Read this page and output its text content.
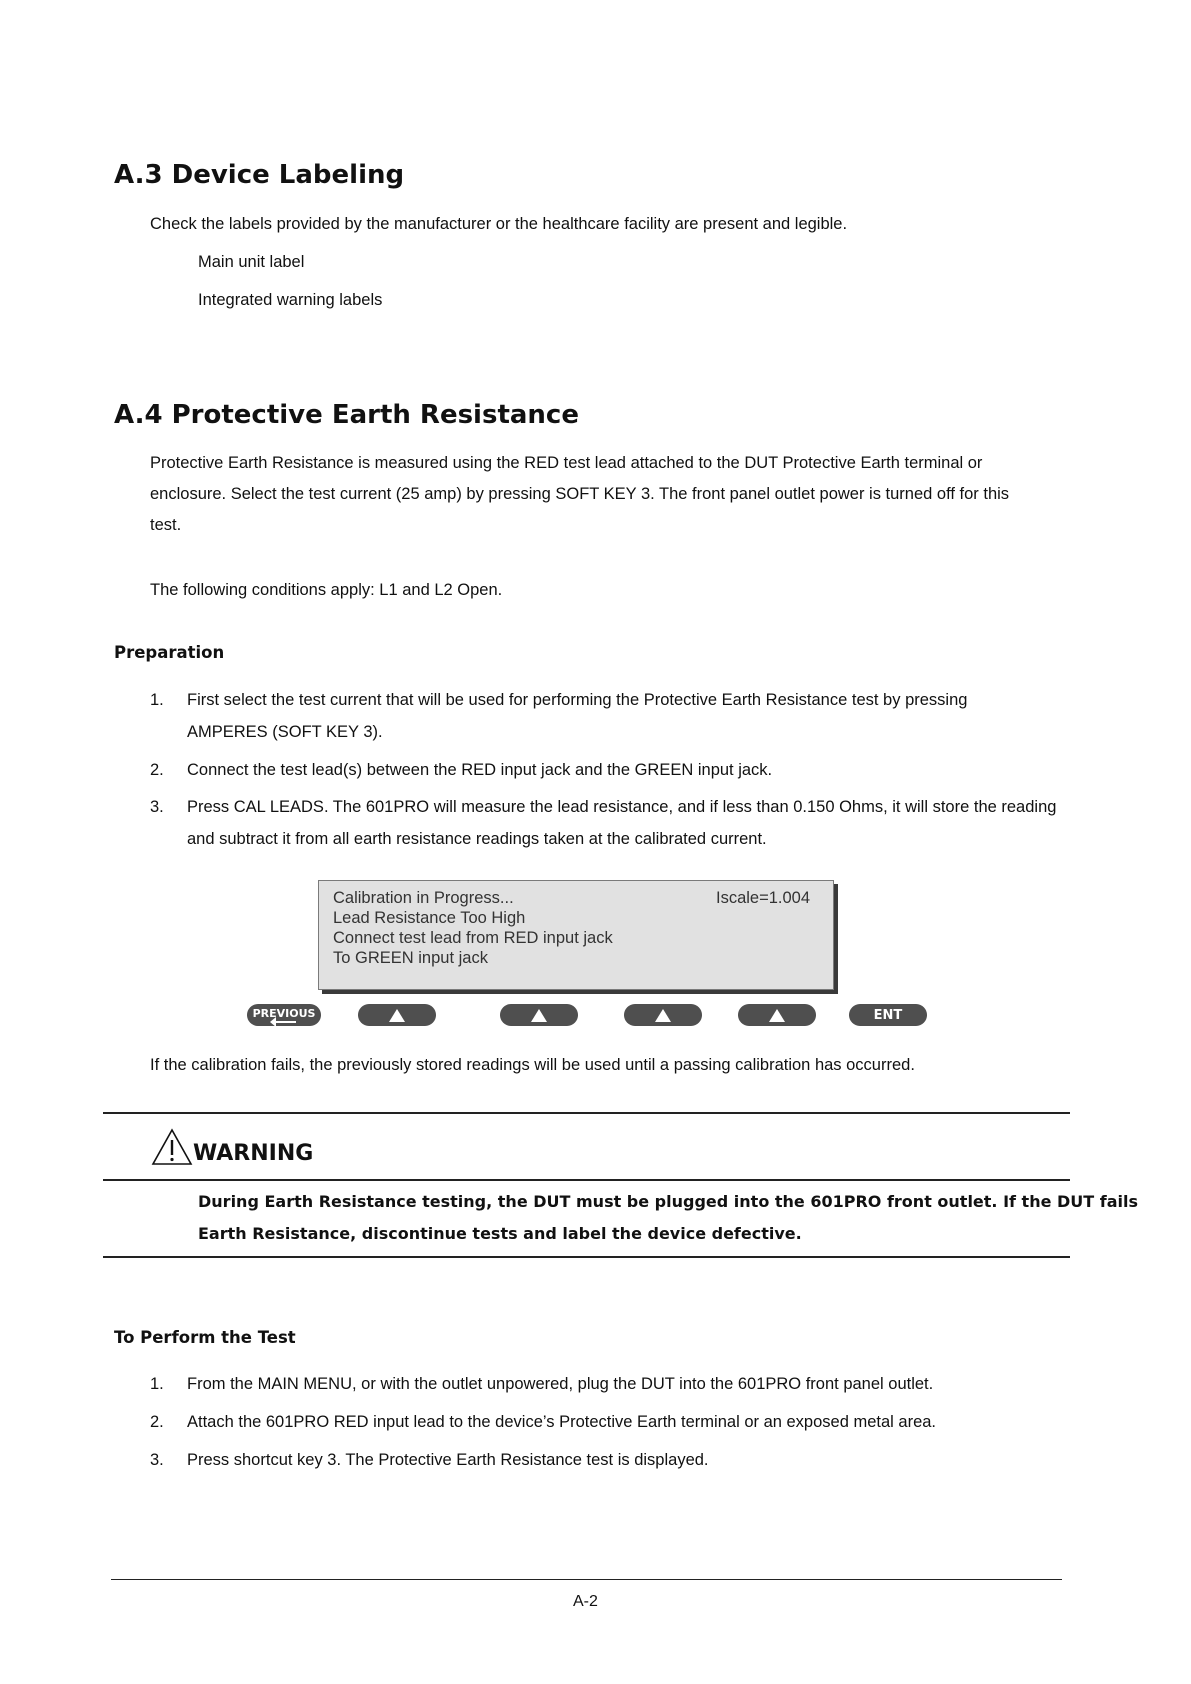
A.3 Device Labeling
Check the labels provided by the manufacturer or the healthcare facility are present and legible.
Main unit label
Integrated warning labels
A.4 Protective Earth Resistance
Protective Earth Resistance is measured using the RED test lead attached to the DUT Protective Earth terminal or
enclosure. Select the test current (25 amp) by pressing SOFT KEY 3. The front panel outlet power is turned off for this
test.
The following conditions apply: L1 and L2 Open.
Preparation
1. First select the test current that will be used for performing the Protective Earth Resistance test by pressing
AMPERES (SOFT KEY 3).
2. Connect the test lead(s) between the RED input jack and the GREEN input jack.
3. Press CAL LEADS. The 601PRO will measure the lead resistance, and if less than 0.150 Ohms, it will store the reading
and subtract it from all earth resistance readings taken at the calibrated current.
Calibration in Progress...	Iscale=1.004
Lead Resistance Too High
Connect test lead from RED input jack
To GREEN input jack
PREVIOUS	ENT
If the calibration fails, the previously stored readings will be used until a passing calibration has occurred.
WARNING
During Earth Resistance testing, the DUT must be plugged into the 601PRO front outlet. If the DUT fails
Earth Resistance, discontinue tests and label the device defective.
To Perform the Test
1. From the MAIN MENU, or with the outlet unpowered, plug the DUT into the 601PRO front panel outlet.
2. Attach the 601PRO RED input lead to the device’s Protective Earth terminal or an exposed metal area.
3. Press shortcut key 3. The Protective Earth Resistance test is displayed.
A-2
